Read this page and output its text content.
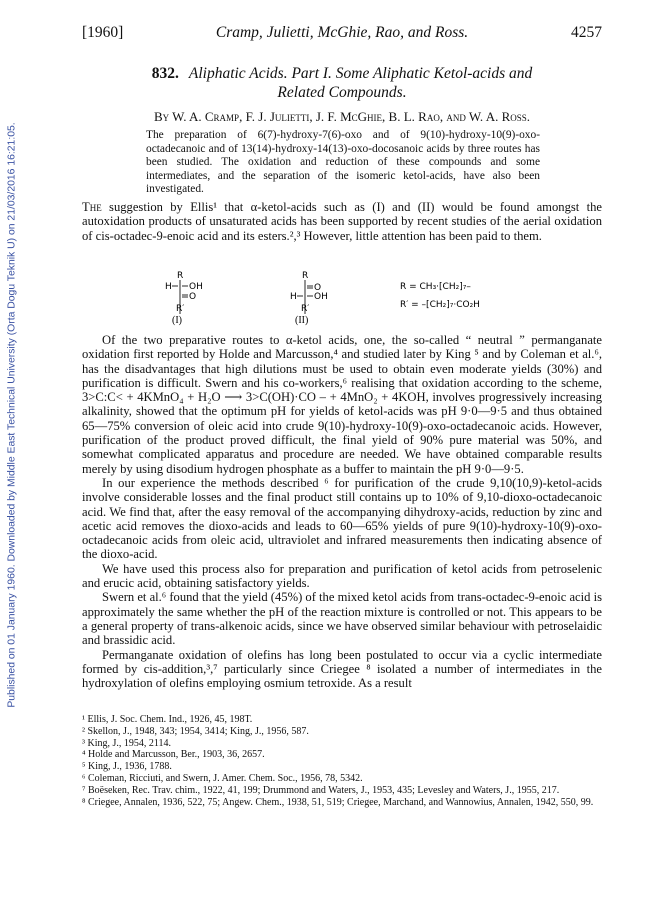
Published on 01 January 1960. Downloaded by Middle East Technical University (Orta Dogu Teknik U) on 21/03/2016 16:21:05.
[1960]	Cramp, Julietti, McGhie, Rao, and Ross.	4257
832. Aliphatic Acids. Part I. Some Aliphatic Ketol-acids and
Related Compounds.
By W. A. Cramp, F. J. Julietti, J. F. McGhie, B. L. Rao, and W. A. Ross.
The preparation of 6(7)-hydroxy-7(6)-oxo and of 9(10)-hydroxy-10(9)-oxo-octadecanoic and of 13(14)-hydroxy-14(13)-oxo-docosanoic acids by three routes has been studied. The oxidation and reduction of these compounds and some intermediates, and the separation of the isomeric ketol-acids, have also been investigated.

The suggestion by Ellis¹ that α-ketol-acids such as (I) and (II) would be found amongst the autoxidation products of unsaturated acids has been supported by recent studies of the aerial oxidation of cis-octadec-9-enoic acid and its esters.²,³ However, little attention has been paid to them.

R
H OH
O
R′
(I)
R
O
H OH
R′
(II)
R = CH₃·[CH₂]₇–
R′ = –[CH₂]₇·CO₂H

Of the two preparative routes to α-ketol acids, one, the so-called “ neutral ” permanganate oxidation first reported by Holde and Marcusson,⁴ and studied later by King ⁵ and by Coleman et al.⁶, has the disadvantages that high dilutions must be used to obtain even moderate yields (30%) and purification is difficult. Swern and his co-workers,⁶ realising that oxidation according to the scheme, 3>C:C< + 4KMnO₄ + H₂O ⟶ 3>C(OH)·CO – + 4MnO₂ + 4KOH, involves progressively increasing alkalinity, showed that the optimum pH for yields of ketol-acids was pH 9·0—9·5 and thus obtained 65—75% conversion of oleic acid into crude 9(10)-hydroxy-10(9)-oxo-octadecanoic acids. However, purification of the product proved difficult, the final yield of 90% pure material was 50%, and somewhat complicated apparatus and procedure are needed. We have obtained comparable results merely by using disodium hydrogen phosphate as a buffer to maintain the pH 9·0—9·5.

In our experience the methods described ⁶ for purification of the crude 9,10(10,9)-ketol-acids involve considerable losses and the final product still contains up to 10% of 9,10-dioxo-octadecanoic acid. We find that, after the easy removal of the accompanying dihydroxy-acids, reduction by zinc and acetic acid removes the dioxo-acids and leads to 60—65% yields of pure 9(10)-hydroxy-10(9)-oxo-octadecanoic acids from oleic acid, ultraviolet and infrared measurements then indicating absence of the dioxo-acid.

We have used this process also for preparation and purification of ketol acids from petroselenic and erucic acid, obtaining satisfactory yields.

Swern et al.⁶ found that the yield (45%) of the mixed ketol acids from trans-octadec-9-enoic acid is approximately the same whether the pH of the reaction mixture is controlled or not. This appears to be a general property of trans-alkenoic acids, since we have observed similar behaviour with petroselaidic and brassidic acid.

Permanganate oxidation of olefins has long been postulated to occur via a cyclic intermediate formed by cis-addition,³,⁷ particularly since Criegee ⁸ isolated a number of intermediates in the hydroxylation of olefins employing osmium tetroxide. As a result

¹ Ellis, J. Soc. Chem. Ind., 1926, 45, 198T.
² Skellon, J., 1948, 343; 1954, 3414; King, J., 1956, 587.
³ King, J., 1954, 2114.
⁴ Holde and Marcusson, Ber., 1903, 36, 2657.
⁵ King, J., 1936, 1788.
⁶ Coleman, Ricciuti, and Swern, J. Amer. Chem. Soc., 1956, 78, 5342.
⁷ Boëseken, Rec. Trav. chim., 1922, 41, 199; Drummond and Waters, J., 1953, 435; Levesley and Waters, J., 1955, 217.
⁸ Criegee, Annalen, 1936, 522, 75; Angew. Chem., 1938, 51, 519; Criegee, Marchand, and Wannowius, Annalen, 1942, 550, 99.
